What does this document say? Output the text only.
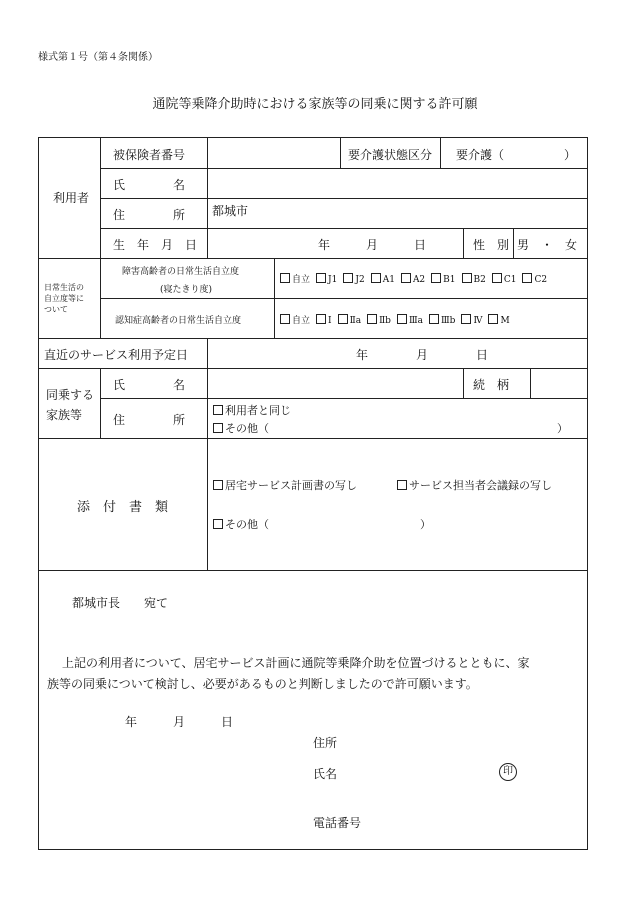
様式第１号（第４条関係）
通院等乗降介助時における家族等の同乗に関する許可願
利用者
被保険者番号	要介護状態区分 要介護（　　　　　）
氏　　　　名
住　　　　所 都城市
生　年　月　日	年　　　月　　　日	性　別 男　・　女
日常生活の
自立度等に
ついて
障害高齢者の日常生活自立度
(寝たきり度)
自立 J1 J2 A1 A2 B1 B2 C1 C2
認知症高齢者の日常生活自立度	自立 Ⅰ Ⅱa Ⅱb Ⅲa Ⅲb Ⅳ M
直近のサービス利用予定日	年　　　　月　　　　日
同乗する
家族等
氏　　　　名	続　柄
住　　　　所
利用者と同じ
その他（	）
添　付　書　類
居宅サービス計画書の写し	サービス担当者会議録の写し
その他（	）
都城市長　　宛て
上記の利用者について、居宅サービス計画に通院等乗降介助を位置づけるとともに、家
族等の同乗について検討し、必要があるものと判断しましたので許可願います。
年　　　月　　　日
住所
氏名	印
電話番号
